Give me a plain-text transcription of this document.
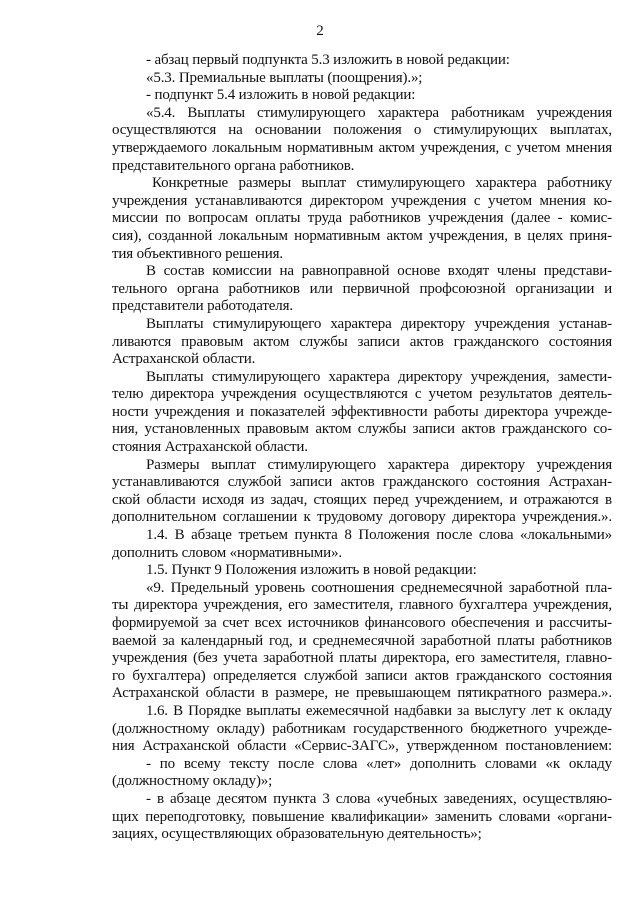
2
- абзац первый подпункта 5.3 изложить в новой редакции:
«5.3. Премиальные выплаты (поощрения).»;
- подпункт 5.4 изложить в новой редакции:
«5.4. Выплаты стимулирующего характера работникам учреждения
осуществляются на основании положения о стимулирующих выплатах,
утверждаемого локальным нормативным актом учреждения, с учетом мнения
представительного органа работников.
Конкретные размеры выплат стимулирующего характера работнику
учреждения устанавливаются директором учреждения с учетом мнения ко-
миссии по вопросам оплаты труда работников учреждения (далее - комис-
сия), созданной локальным нормативным актом учреждения, в целях приня-
тия объективного решения.
В состав комиссии на равноправной основе входят члены представи-
тельного органа работников или первичной профсоюзной организации и
представители работодателя.
Выплаты стимулирующего характера директору учреждения устанав-
ливаются правовым актом службы записи актов гражданского состояния
Астраханской области.
Выплаты стимулирующего характера директору учреждения, замести-
телю директора учреждения осуществляются с учетом результатов деятель-
ности учреждения и показателей эффективности работы директора учрежде-
ния, установленных правовым актом службы записи актов гражданского со-
стояния Астраханской области.
Размеры выплат стимулирующего характера директору учреждения
устанавливаются службой записи актов гражданского состояния Астрахан-
ской области исходя из задач, стоящих перед учреждением, и отражаются в
дополнительном соглашении к трудовому договору директора учреждения.».
1.4. В абзаце третьем пункта 8 Положения после слова «локальными»
дополнить словом «нормативными».
1.5. Пункт 9 Положения изложить в новой редакции:
«9. Предельный уровень соотношения среднемесячной заработной пла-
ты директора учреждения, его заместителя, главного бухгалтера учреждения,
формируемой за счет всех источников финансового обеспечения и рассчиты-
ваемой за календарный год, и среднемесячной заработной платы работников
учреждения (без учета заработной платы директора, его заместителя, главно-
го бухгалтера) определяется службой записи актов гражданского состояния
Астраханской области в размере, не превышающем пятикратного размера.».
1.6. В Порядке выплаты ежемесячной надбавки за выслугу лет к окладу
(должностному окладу) работникам государственного бюджетного учрежде-
ния Астраханской области «Сервис-ЗАГС», утвержденном постановлением:
- по всему тексту после слова «лет» дополнить словами «к окладу
(должностному окладу)»;
- в абзаце десятом пункта 3 слова «учебных заведениях, осуществляю-
щих переподготовку, повышение квалификации» заменить словами «органи-
зациях, осуществляющих образовательную деятельность»;
